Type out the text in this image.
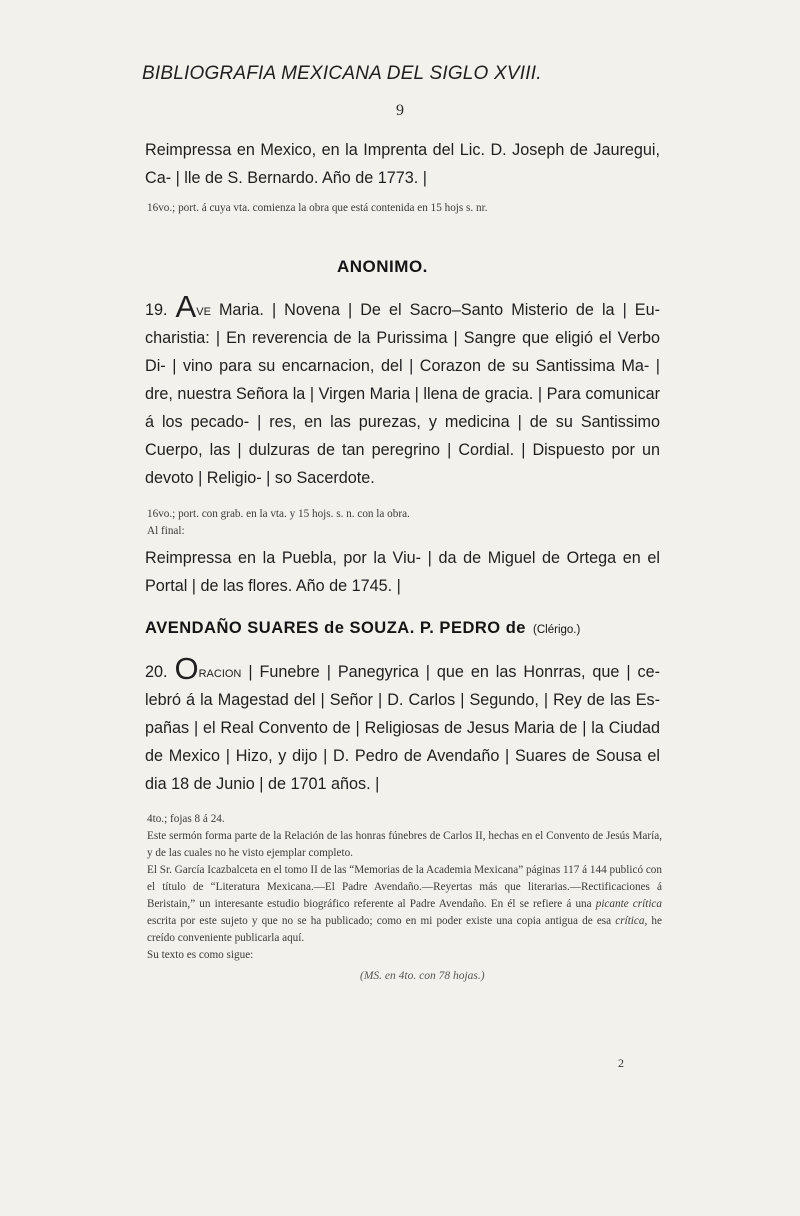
BIBLIOGRAFIA MEXICANA DEL SIGLO XVIII.
9
Reimpressa en Mexico, en la Imprenta del Lic. D. Joseph de Jauregui, Ca- | lle de S. Bernardo. Año de 1773. |
16vo.; port. á cuya vta. comienza la obra que está contenida en 15 hojs s. nr.
ANONIMO.
19. Ave Maria. | Novena | De el Sacro–Santo Misterio de la | Eu- charistia: | En reverencia de la Purissima | Sangre que eligió el Verbo Di- | vino para su encarnacion, del | Corazon de su Santissima Ma- | dre, nuestra Señora la | Virgen Maria | llena de gracia. | Para comunicar á los pecado- | res, en las purezas, y medicina | de su Santissimo Cuerpo, las | dulzuras de tan peregrino | Cordial. | Dispuesto por un devoto | Religio- | so Sacerdote.
16vo.; port. con grab. en la vta. y 15 hojs. s. n. con la obra.
Al final:
Reimpressa en la Puebla, por la Viu- | da de Miguel de Ortega en el Portal | de las flores. Año de 1745. |
AVENDAÑO SUARES de SOUZA. P. PEDRO de (Clérigo.)
20. Oracion | Funebre | Panegyrica | que en las Honrras, que | ce- lebró á la Magestad del | Señor | D. Carlos | Segundo, | Rey de las Es- pañas | el Real Convento de | Religiosas de Jesus Maria de | la Ciudad de Mexico | Hizo, y dijo | D. Pedro de Avendaño | Suares de Sousa el dia 18 de Junio | de 1701 años. |
4to.; fojas 8 á 24.
Este sermón forma parte de la Relación de las honras fúnebres de Carlos II, hechas en el Convento de Jesús María, y de las cuales no he visto ejemplar completo.
El Sr. García Icazbalceta en el tomo II de las “Memorias de la Academia Mexicana” páginas 117 á 144 publicó con el título de “Literatura Mexicana.—El Padre Avendaño.—Reyertas más que literarias.—Rectificaciones á Beristain,” un interesante estudio biográfico referente al Padre Avendaño. En él se refiere á una picante crítica escrita por este sujeto y que no se ha publicado; como en mi poder existe una copia antigua de esa crítica, he creído conveniente publicarla aquí.
Su texto es como sigue:
(MS. en 4to. con 78 hojas.)
2
